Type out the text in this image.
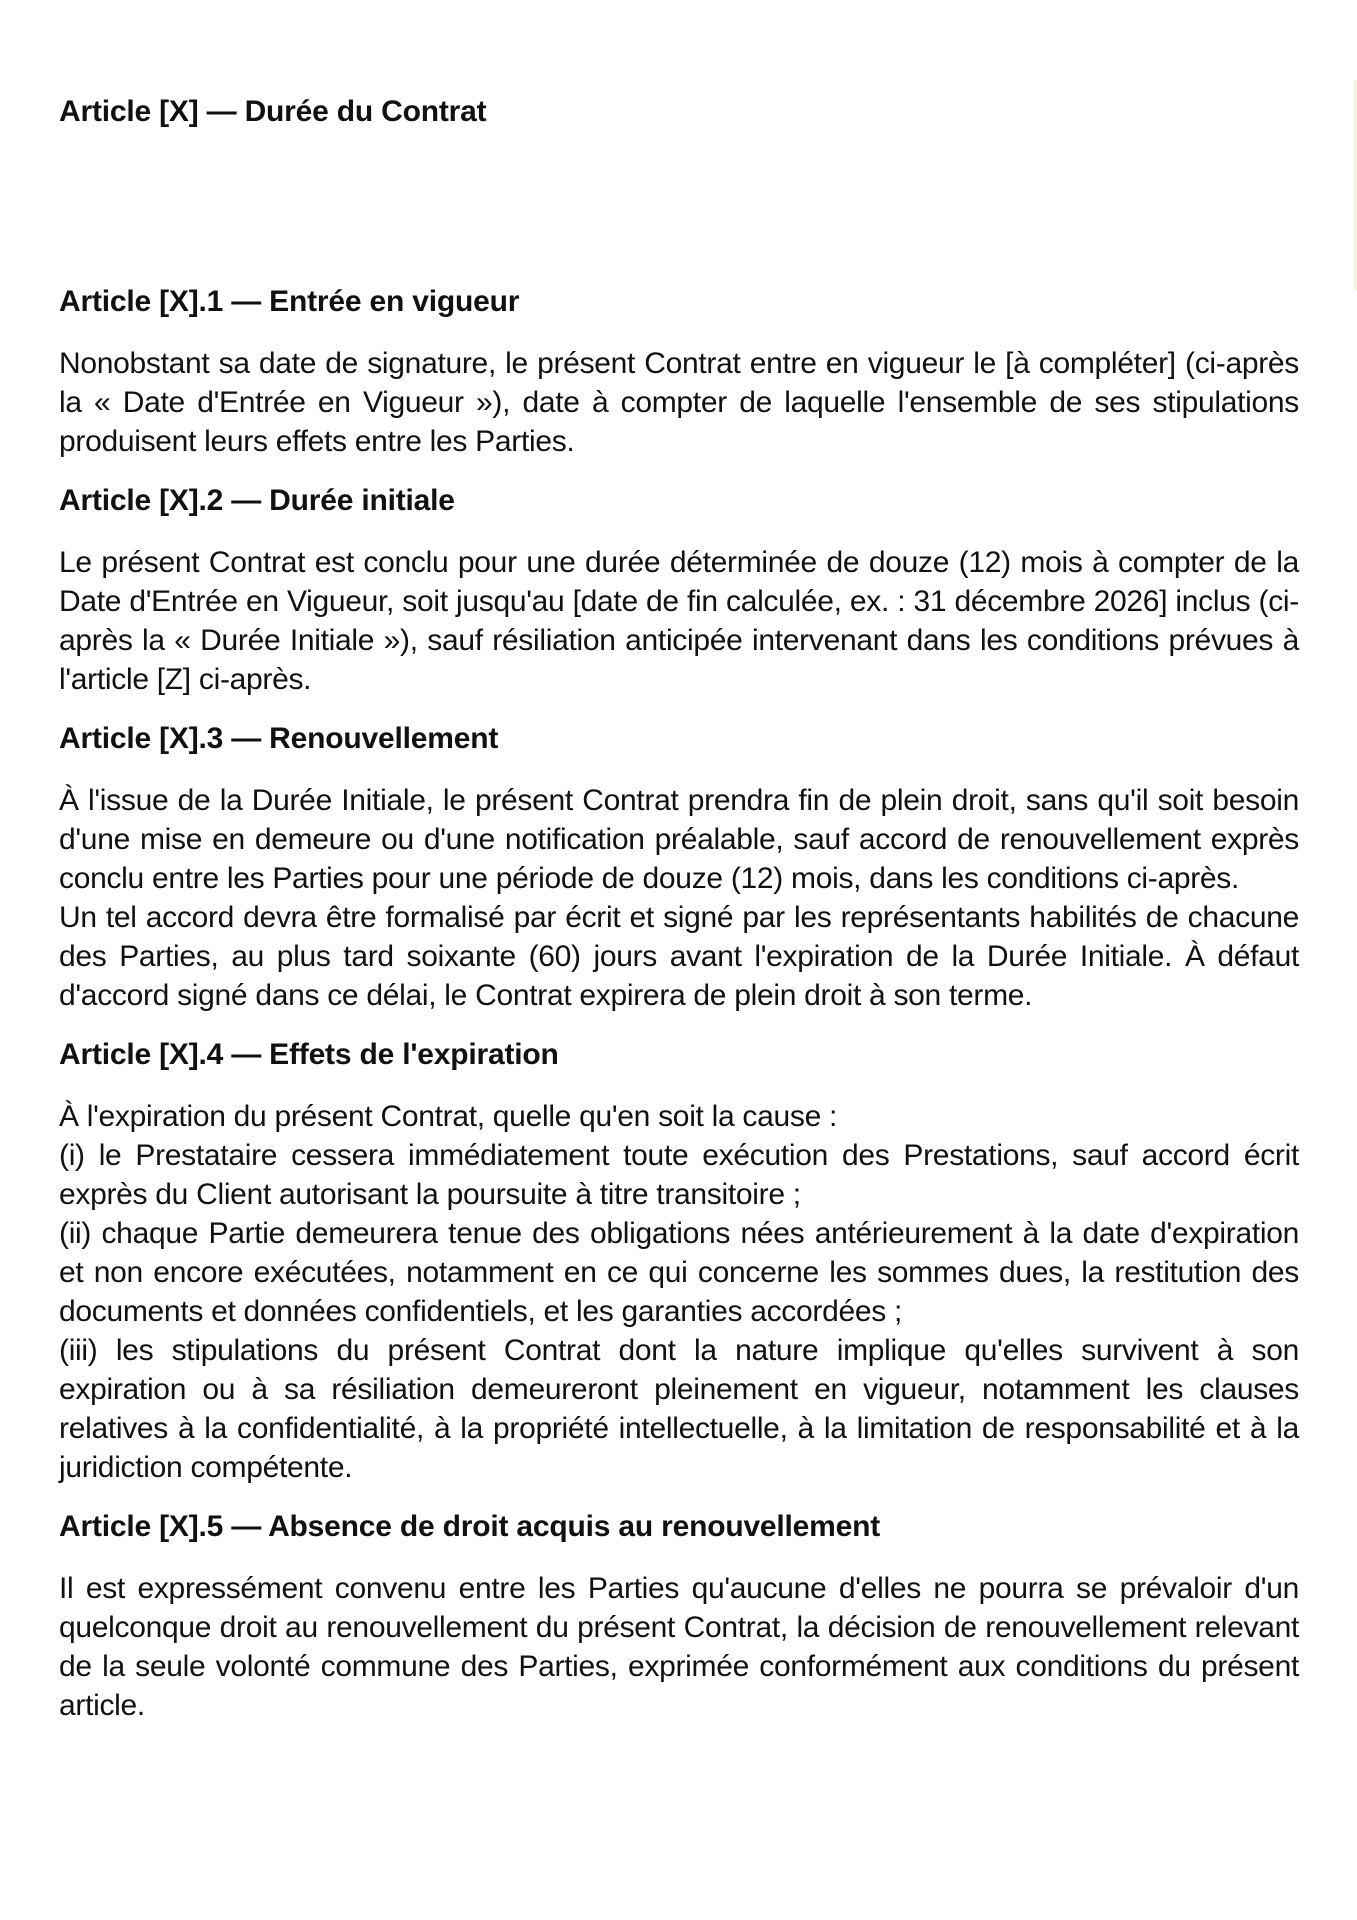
Article [X] — Durée du Contrat
Article [X].1 — Entrée en vigueur

Nonobstant sa date de signature, le présent Contrat entre en vigueur le [à compléter] (ci-après la « Date d'Entrée en Vigueur »), date à compter de laquelle l'ensemble de ses stipulations produisent leurs effets entre les Parties.

Article [X].2 — Durée initiale

Le présent Contrat est conclu pour une durée déterminée de douze (12) mois à compter de la Date d'Entrée en Vigueur, soit jusqu'au [date de fin calculée, ex. : 31 décembre 2026] inclus (ci-après la « Durée Initiale »), sauf résiliation anticipée intervenant dans les conditions prévues à l'article [Z] ci-après.

Article [X].3 — Renouvellement

À l'issue de la Durée Initiale, le présent Contrat prendra fin de plein droit, sans qu'il soit besoin d'une mise en demeure ou d'une notification préalable, sauf accord de renouvellement exprès conclu entre les Parties pour une période de douze (12) mois, dans les conditions ci-après.

Un tel accord devra être formalisé par écrit et signé par les représentants habilités de chacune des Parties, au plus tard soixante (60) jours avant l'expiration de la Durée Initiale. À défaut d'accord signé dans ce délai, le Contrat expirera de plein droit à son terme.

Article [X].4 — Effets de l'expiration

À l'expiration du présent Contrat, quelle qu'en soit la cause :

(i) le Prestataire cessera immédiatement toute exécution des Prestations, sauf accord écrit exprès du Client autorisant la poursuite à titre transitoire ;

(ii) chaque Partie demeurera tenue des obligations nées antérieurement à la date d'expiration et non encore exécutées, notamment en ce qui concerne les sommes dues, la restitution des documents et données confidentiels, et les garanties accordées ;

(iii) les stipulations du présent Contrat dont la nature implique qu'elles survivent à son expiration ou à sa résiliation demeureront pleinement en vigueur, notamment les clauses relatives à la confidentialité, à la propriété intellectuelle, à la limitation de responsabilité et à la juridiction compétente.

Article [X].5 — Absence de droit acquis au renouvellement

Il est expressément convenu entre les Parties qu'aucune d'elles ne pourra se prévaloir d'un quelconque droit au renouvellement du présent Contrat, la décision de renouvellement relevant de la seule volonté commune des Parties, exprimée conformément aux conditions du présent article.
